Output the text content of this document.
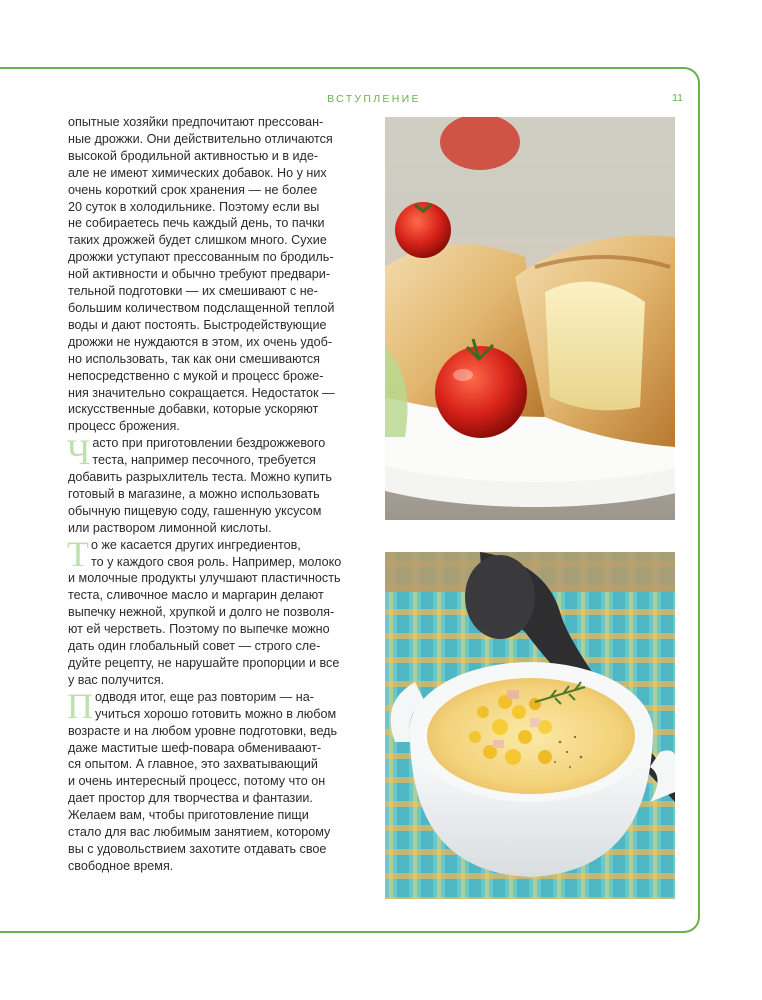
ВСТУПЛЕНИЕ	11
опытные хозяйки предпочитают прессован-
ные дрожжи. Они действительно отличаются
высокой бродильной активностью и в иде-
але не имеют химических добавок. Но у них
очень короткий срок хранения — не более
20 суток в холодильнике. Поэтому если вы
не собираетесь печь каждый день, то пачки
таких дрожжей будет слишком много. Сухие
дрожжи уступают прессованным по бродиль-
ной активности и обычно требуют предвари-
тельной подготовки — их смешивают с не-
большим количеством подслащенной теплой
воды и дают постоять. Быстродействующие
дрожжи не нуждаются в этом, их очень удоб-
но использовать, так как они смешиваются
непосредственно с мукой и процесс броже-
ния значительно сокращается. Недостаток —
искусственные добавки, которые ускоряют
процесс брожения.
Ч асто при приготовлении бездрожжевого
теста, например песочного, требуется
добавить разрыхлитель теста. Можно купить
готовый в магазине, а можно использовать
обычную пищевую соду, гашенную уксусом
или раствором лимонной кислоты.
Т о же касается других ингредиентов,
то у каждого своя роль. Например, молоко
и молочные продукты улучшают пластичность
теста, сливочное масло и маргарин делают
выпечку нежной, хрупкой и долго не позволя-
ют ей черстветь. Поэтому по выпечке можно
дать один глобальный совет — строго сле-
дуйте рецепту, не нарушайте пропорции и все
у вас получится.
П одводя итог, еще раз повторим — на-
учиться хорошо готовить можно в любом
возрасте и на любом уровне подготовки, ведь
даже маститые шеф-повара обмениваают-
ся опытом. А главное, это захватывающий
и очень интересный процесс, потому что он
дает простор для творчества и фантазии.
Желаем вам, чтобы приготовление пищи
стало для вас любимым занятием, которому
вы с удовольствием захотите отдавать свое
свободное время.
